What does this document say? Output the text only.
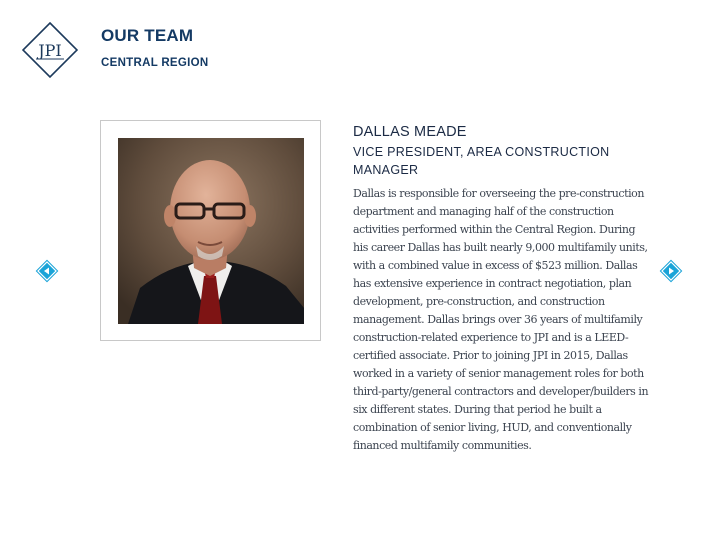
JPI
OUR TEAM
CENTRAL REGION
DALLAS MEADE
VICE PRESIDENT, AREA CONSTRUCTION MANAGER
Dallas is responsible for overseeing the pre-construction department and managing half of the construction activities performed within the Central Region. During his career Dallas has built nearly 9,000 multifamily units, with a combined value in excess of $523 million. Dallas has extensive experience in contract negotiation, plan development, pre-construction, and construction management. Dallas brings over 36 years of multifamily construction-related experience to JPI and is a LEED-certified associate. Prior to joining JPI in 2015, Dallas worked in a variety of senior management roles for both third-party/general contractors and developer/builders in six different states. During that period he built a combination of senior living, HUD, and conventionally financed multifamily communities.
